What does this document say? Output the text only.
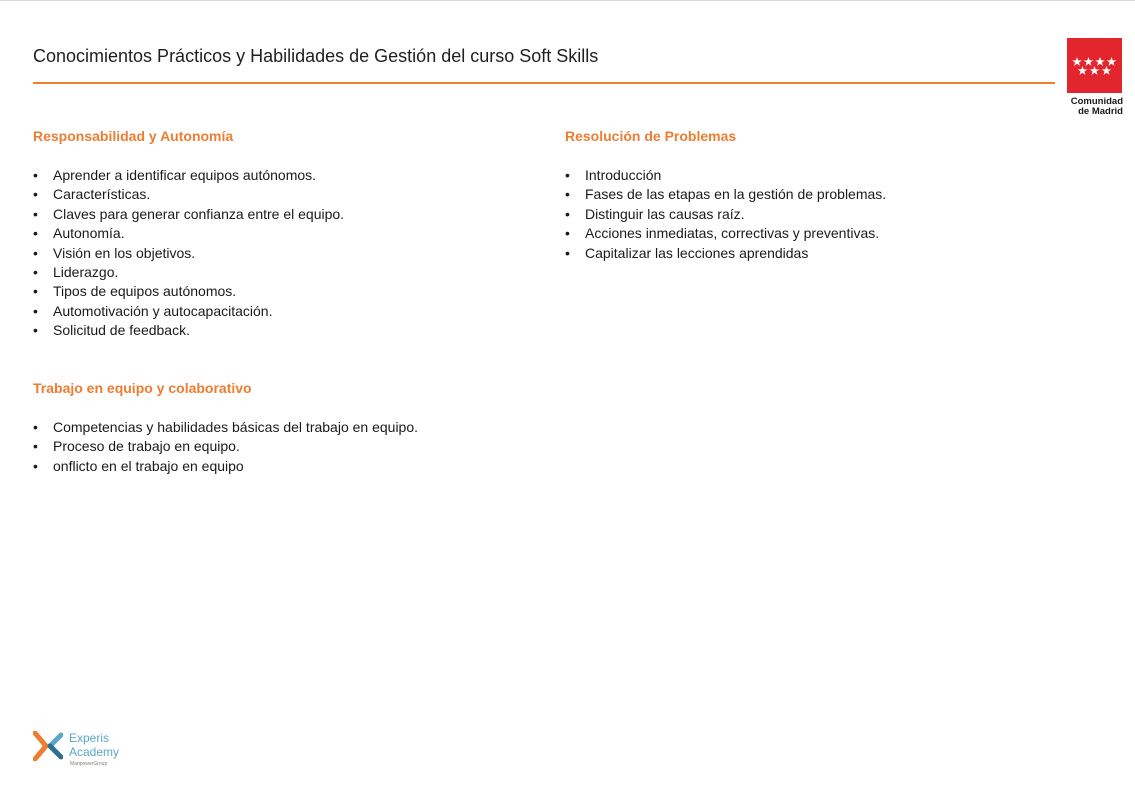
Conocimientos Prácticos y Habilidades de Gestión del curso Soft Skills
Comunidad
de Madrid
Responsabilidad y Autonomía
• Aprender a identificar equipos autónomos.
• Características.
• Claves para generar confianza entre el equipo.
• Autonomía.
• Visión en los objetivos.
• Liderazgo.
• Tipos de equipos autónomos.
• Automotivación y autocapacitación.
• Solicitud de feedback.
Resolución de Problemas
• Introducción
• Fases de las etapas en la gestión de problemas.
• Distinguir las causas raíz.
• Acciones inmediatas, correctivas y preventivas.
• Capitalizar las lecciones aprendidas
Trabajo en equipo y colaborativo
• Competencias y habilidades básicas del trabajo en equipo.
• Proceso de trabajo en equipo.
• onflicto en el trabajo en equipo
Experis
Academy
ManpowerGroup
